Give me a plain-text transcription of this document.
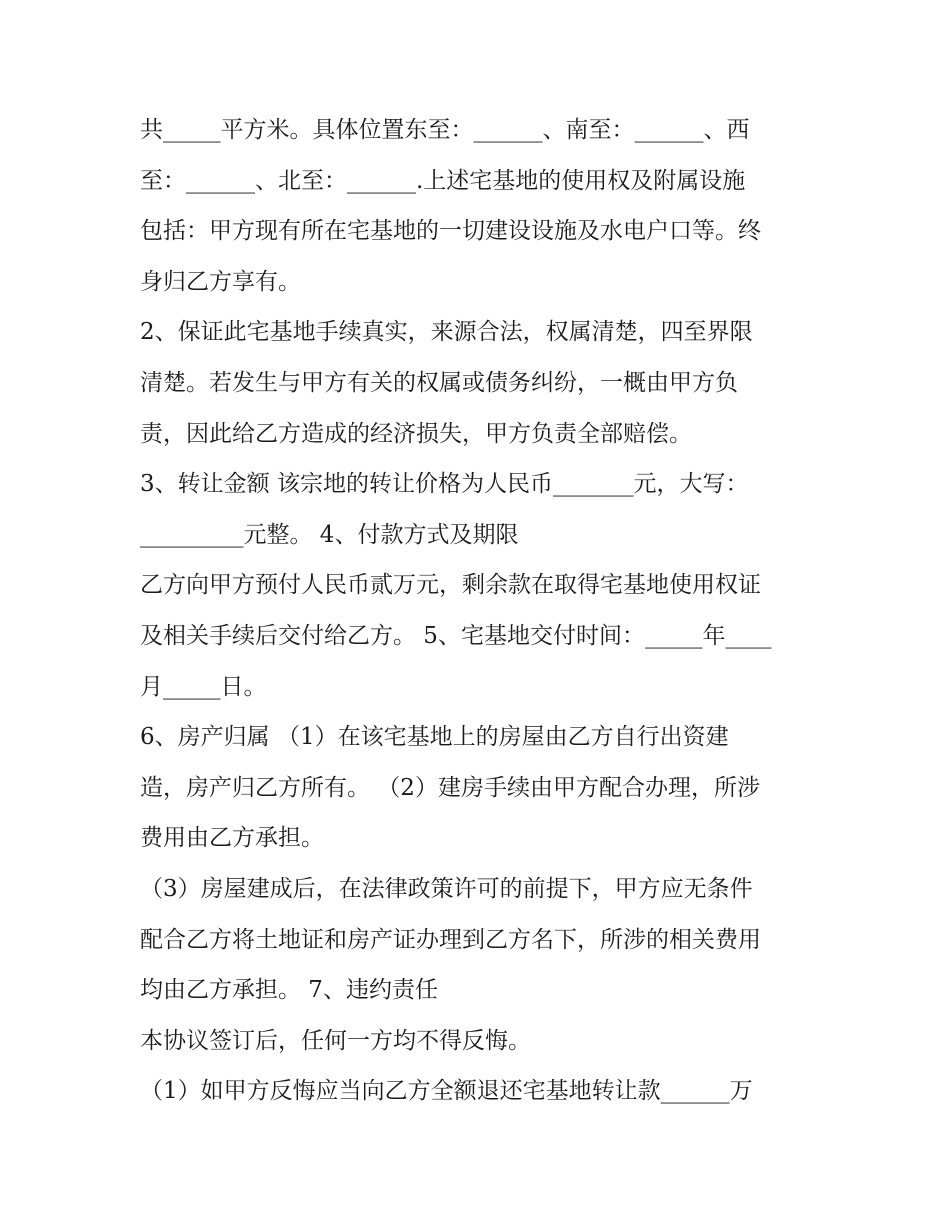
共_____平方米。具体位置东至：______、南至：______、西
至：______、北至：______.上述宅基地的使用权及附属设施
包括：甲方现有所在宅基地的一切建设设施及水电户口等。终
身归乙方享有。
2、保证此宅基地手续真实，来源合法，权属清楚，四至界限
清楚。若发生与甲方有关的权属或债务纠纷，一概由甲方负
责，因此给乙方造成的经济损失，甲方负责全部赔偿。
3、转让金额 该宗地的转让价格为人民币_______元，大写：
_________元整。 4、付款方式及期限
乙方向甲方预付人民币贰万元，剩余款在取得宅基地使用权证
及相关手续后交付给乙方。 5、宅基地交付时间：_____年____
月_____日。
6、房产归属 （1）在该宅基地上的房屋由乙方自行出资建
造，房产归乙方所有。 （2）建房手续由甲方配合办理，所涉
费用由乙方承担。
（3）房屋建成后，在法律政策许可的前提下，甲方应无条件
配合乙方将土地证和房产证办理到乙方名下，所涉的相关费用
均由乙方承担。 7、违约责任
本协议签订后，任何一方均不得反悔。
（1）如甲方反悔应当向乙方全额退还宅基地转让款______万
